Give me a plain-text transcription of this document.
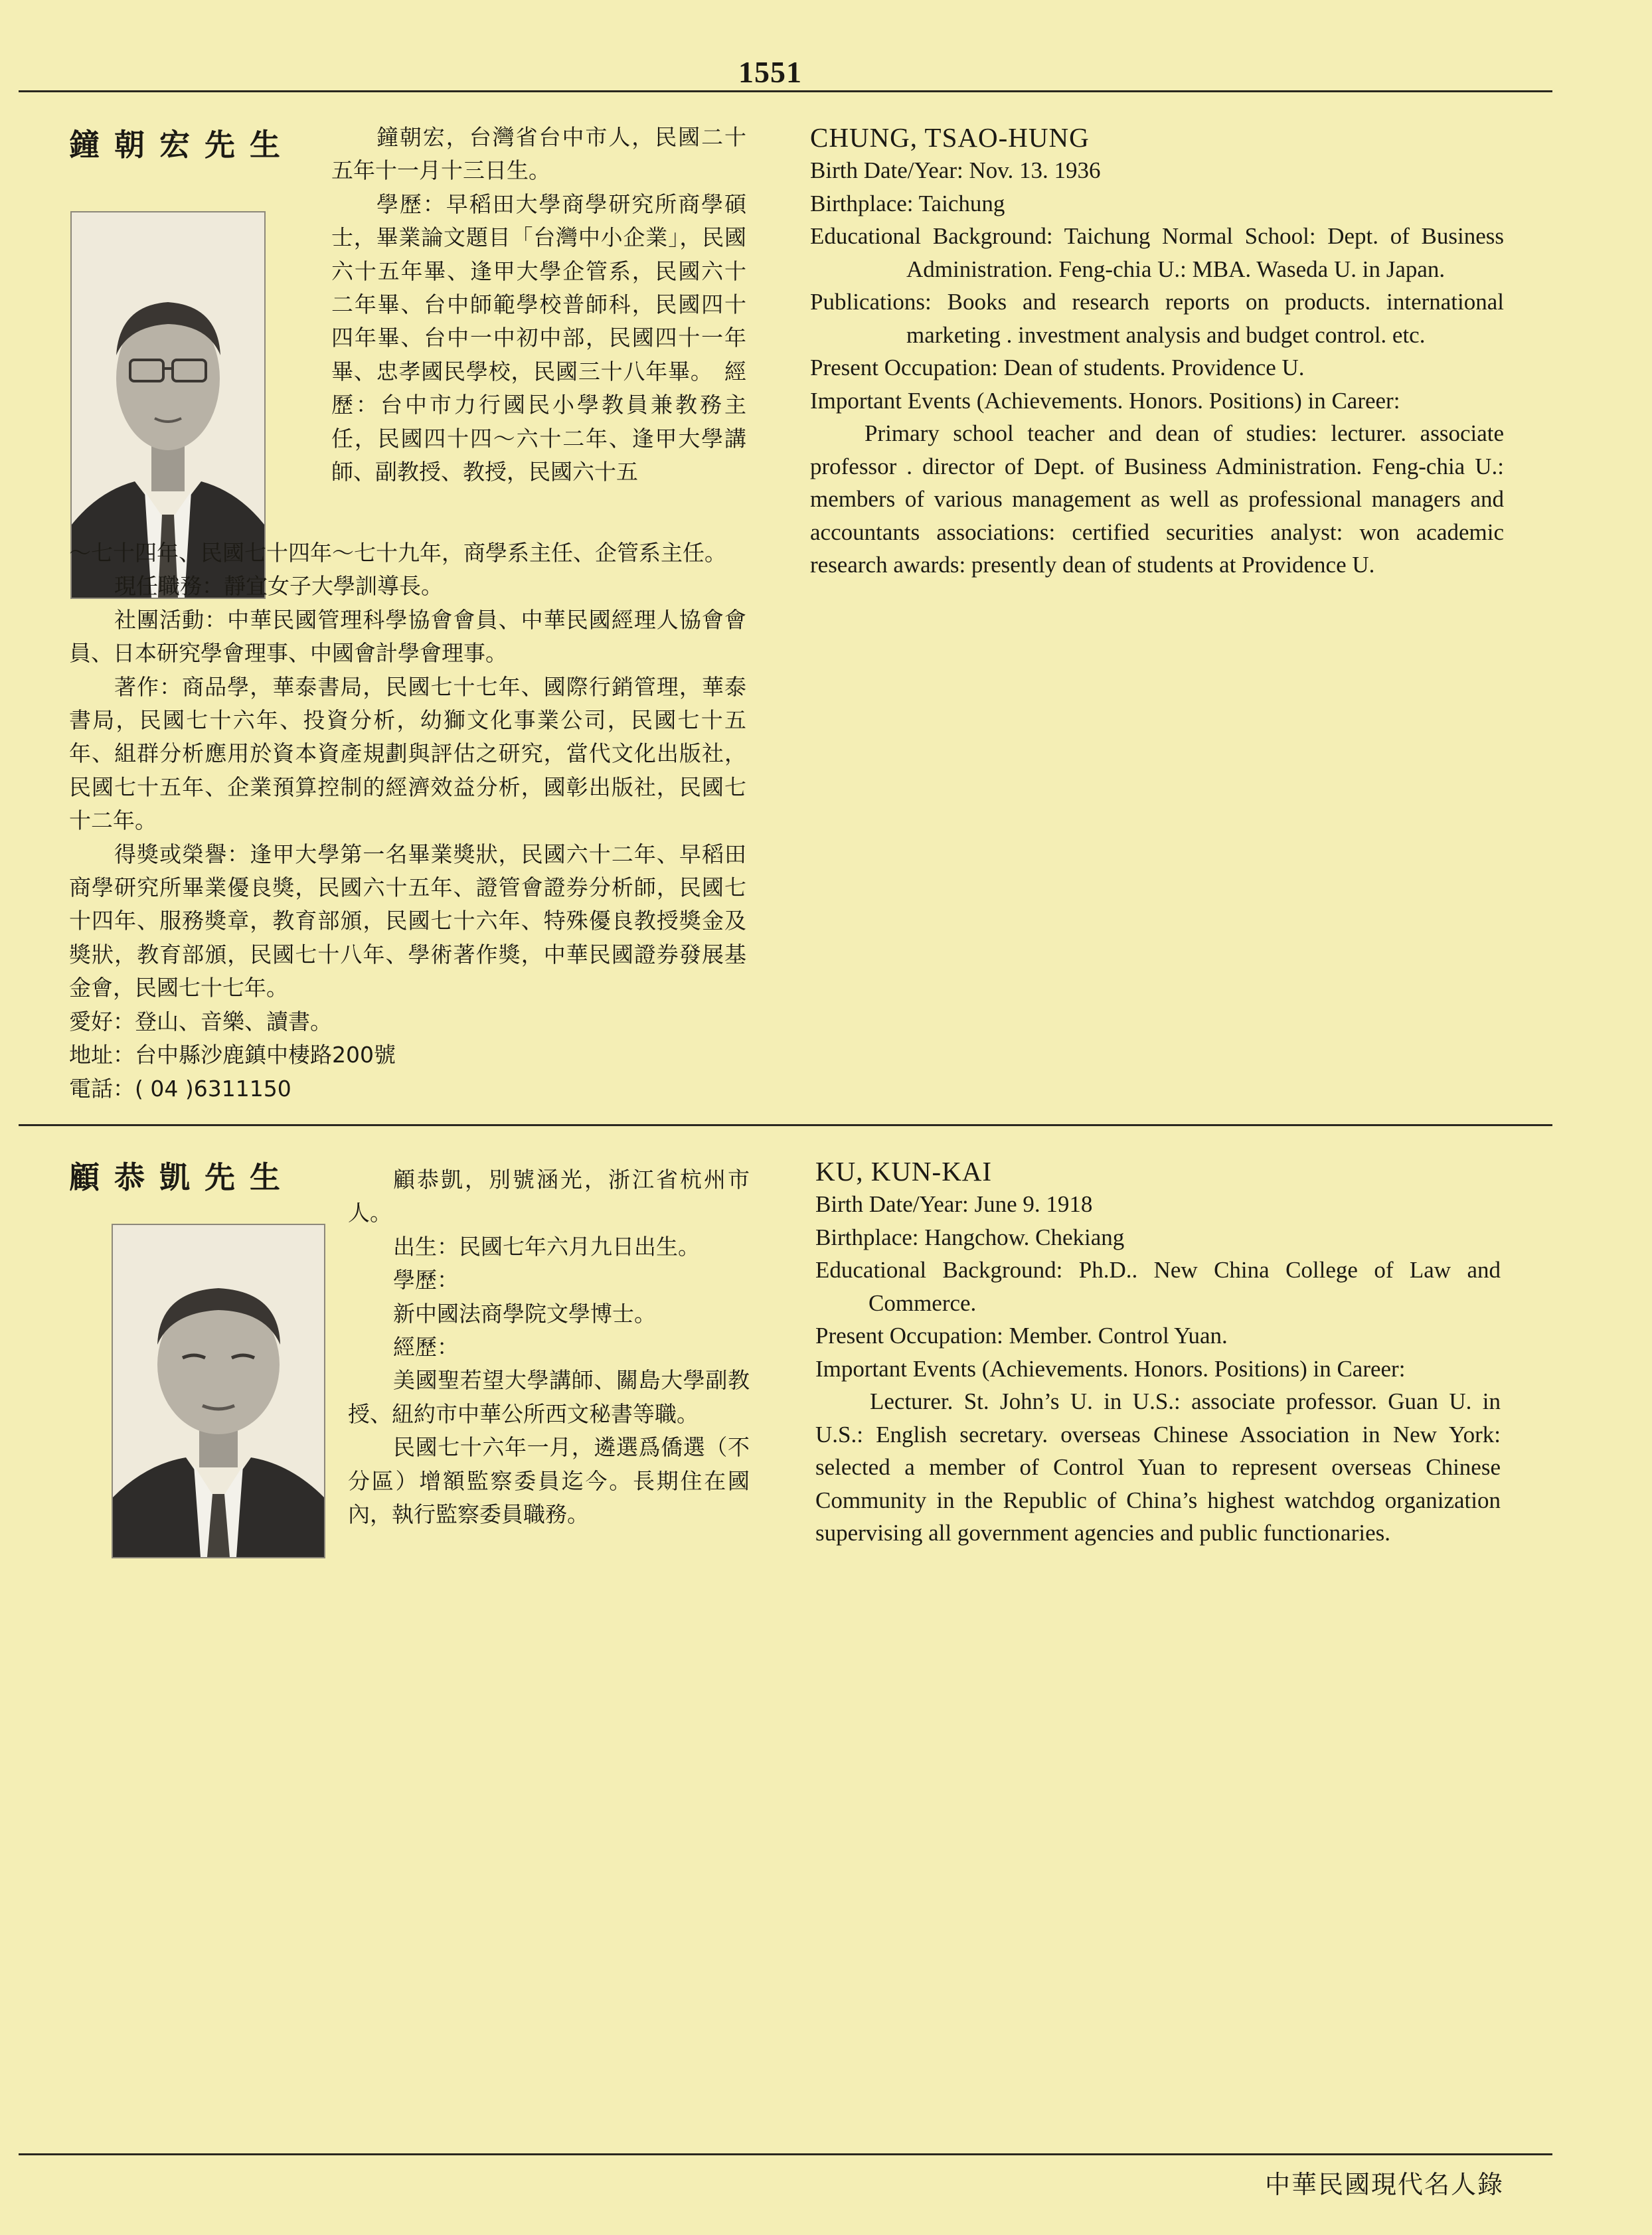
1551
鐘朝宏先生	鐘朝宏，台灣省台中市人，民國二十五年十一月十三日生。

學歷：早稻田大學商學研究所商學碩士，畢業論文題目「台灣中小企業」，民國六十五年畢、逢甲大學企管系，民國六十二年畢、台中師範學校普師科，民國四十四年畢、台中一中初中部，民國四十一年畢、忠孝國民學校，民國三十八年畢。　經歷：台中市力行國民小學教員兼教務主任，民國四十四～六十二年、逢甲大學講師、副教授、教授，民國六十五

～七十四年、民國七十四年～七十九年，商學系主任、企管系主任。

現任職務：靜宜女子大學訓導長。

社團活動：中華民國管理科學協會會員、中華民國經理人協會會員、日本研究學會理事、中國會計學會理事。

著作：商品學，華泰書局，民國七十七年、國際行銷管理，華泰書局，民國七十六年、投資分析，幼獅文化事業公司，民國七十五年、組群分析應用於資本資產規劃與評估之研究，當代文化出版社，民國七十五年、企業預算控制的經濟效益分析，國彰出版社，民國七十二年。

得獎或榮譽：逢甲大學第一名畢業獎狀，民國六十二年、早稻田商學研究所畢業優良獎，民國六十五年、證管會證券分析師，民國七十四年、服務獎章，教育部頒，民國七十六年、特殊優良教授獎金及獎狀，教育部頒，民國七十八年、學術著作獎，中華民國證券發展基金會，民國七十七年。

愛好：登山、音樂、讀書。

地址：台中縣沙鹿鎮中棲路200號

電話：( 04 )6311150

CHUNG, TSAO-HUNG

Birth Date/Year: Nov. 13. 1936

Birthplace: Taichung

Educational Background: Taichung Normal School: Dept. of Business Administration. Feng-chia U.: MBA. Waseda U. in Japan.

Publications: Books and research reports on products. international marketing . investment analysis and budget control. etc.

Present Occupation: Dean of students. Providence U.

Important Events (Achievements. Honors. Positions) in Career:

Primary school teacher and dean of studies: lecturer. associate professor . director of Dept. of Business Administration. Feng-chia U.: members of various management as well as professional managers and accountants associations: certified securities analyst: won academic research awards: presently dean of students at Providence U.

顧恭凱先生	顧恭凱，別號涵光，浙江省杭州市人。

出生：民國七年六月九日出生。

學歷：

新中國法商學院文學博士。

經歷：

美國聖若望大學講師、關島大學副教授、紐約市中華公所西文秘書等職。

民國七十六年一月，遴選爲僑選（不分區）增額監察委員迄今。長期住在國內，執行監察委員職務。

KU, KUN-KAI

Birth Date/Year: June 9. 1918

Birthplace: Hangchow. Chekiang

Educational Background: Ph.D.. New China College of Law and Commerce.

Present Occupation: Member. Control Yuan.

Important Events (Achievements. Honors. Positions) in Career:

Lecturer. St. John’s U. in U.S.: associate professor. Guan U. in U.S.: English secretary. overseas Chinese Association in New York: selected a member of Control Yuan to represent overseas Chinese Community in the Republic of China’s highest watchdog organization supervising all government agencies and public functionaries.

中華民國現代名人錄
